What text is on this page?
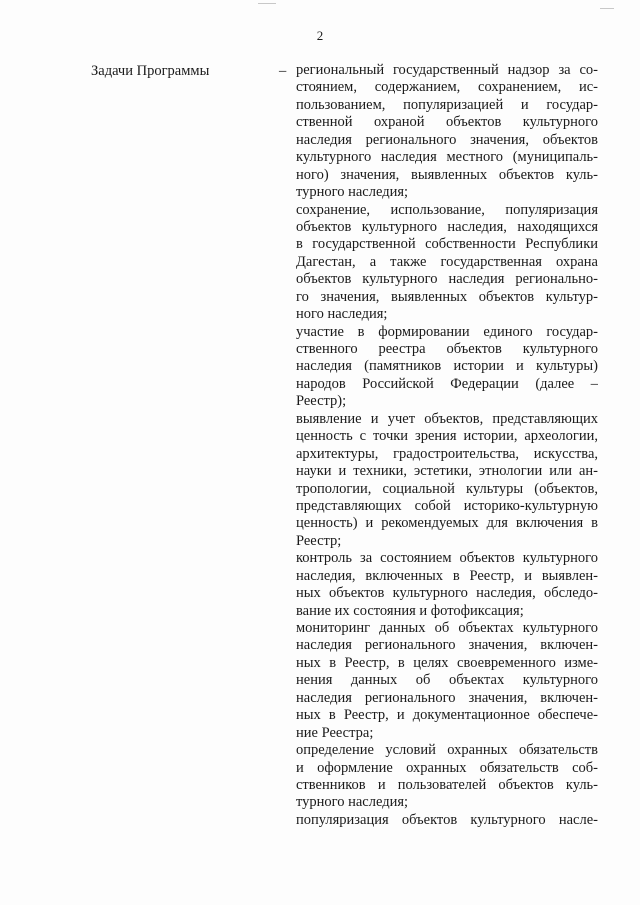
2
Задачи Программы	– региональный государственный надзор за со-
стоянием, содержанием, сохранением, ис-
пользованием, популяризацией и государ-
ственной охраной объектов культурного
наследия регионального значения, объектов
культурного наследия местного (муниципаль-
ного) значения, выявленных объектов куль-
турного наследия;
сохранение, использование, популяризация
объектов культурного наследия, находящихся
в государственной собственности Республики
Дагестан, а также государственная охрана
объектов культурного наследия регионально-
го значения, выявленных объектов культур-
ного наследия;
участие в формировании единого государ-
ственного реестра объектов культурного
наследия (памятников истории и культуры)
народов Российской Федерации (далее –
Реестр);
выявление и учет объектов, представляющих
ценность с точки зрения истории, археологии,
архитектуры, градостроительства, искусства,
науки и техники, эстетики, этнологии или ан-
тропологии, социальной культуры (объектов,
представляющих собой историко-культурную
ценность) и рекомендуемых для включения в
Реестр;
контроль за состоянием объектов культурного
наследия, включенных в Реестр, и выявлен-
ных объектов культурного наследия, обследо-
вание их состояния и фотофиксация;
мониторинг данных об объектах культурного
наследия регионального значения, включен-
ных в Реестр, в целях своевременного изме-
нения данных об объектах культурного
наследия регионального значения, включен-
ных в Реестр, и документационное обеспече-
ние Реестра;
определение условий охранных обязательств
и оформление охранных обязательств соб-
ственников и пользователей объектов куль-
турного наследия;
популяризация объектов культурного насле-
